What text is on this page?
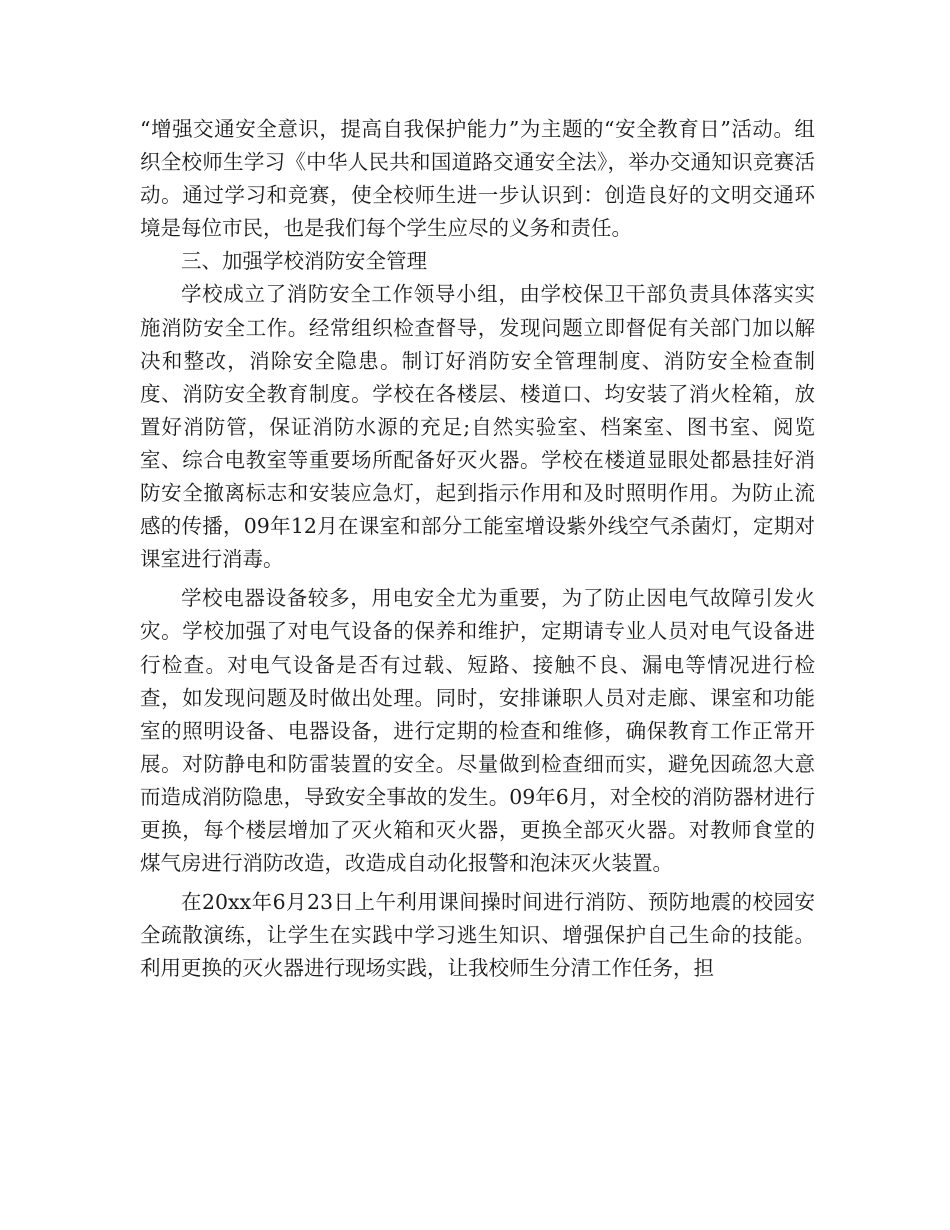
“增强交通安全意识，提高自我保护能力”为主题的“安全教育日”活动。组织全校师生学习《中华人民共和国道路交通安全法》，举办交通知识竞赛活动。通过学习和竞赛，使全校师生进一步认识到：创造良好的文明交通环境是每位市民，也是我们每个学生应尽的义务和责任。

三、加强学校消防安全管理

学校成立了消防安全工作领导小组，由学校保卫干部负责具体落实实施消防安全工作。经常组织检查督导，发现问题立即督促有关部门加以解决和整改，消除安全隐患。制订好消防安全管理制度、消防安全检查制度、消防安全教育制度。学校在各楼层、楼道口、均安装了消火栓箱，放置好消防管，保证消防水源的充足;自然实验室、档案室、图书室、阅览室、综合电教室等重要场所配备好灭火器。学校在楼道显眼处都悬挂好消防安全撤离标志和安装应急灯，起到指示作用和及时照明作用。为防止流感的传播，09年12月在课室和部分工能室增设紫外线空气杀菌灯，定期对课室进行消毒。

学校电器设备较多，用电安全尤为重要，为了防止因电气故障引发火灾。学校加强了对电气设备的保养和维护，定期请专业人员对电气设备进行检查。对电气设备是否有过载、短路、接触不良、漏电等情况进行检查，如发现问题及时做出处理。同时，安排谦职人员对走廊、课室和功能室的照明设备、电器设备，进行定期的检查和维修，确保教育工作正常开展。对防静电和防雷装置的安全。尽量做到检查细而实，避免因疏忽大意而造成消防隐患，导致安全事故的发生。09年6月，对全校的消防器材进行更换，每个楼层增加了灭火箱和灭火器，更换全部灭火器。对教师食堂的煤气房进行消防改造，改造成自动化报警和泡沫灭火装置。

在20xx年6月23日上午利用课间操时间进行消防、预防地震的校园安全疏散演练，让学生在实践中学习逃生知识、增强保护自己生命的技能。利用更换的灭火器进行现场实践，让我校师生分清工作任务，担
